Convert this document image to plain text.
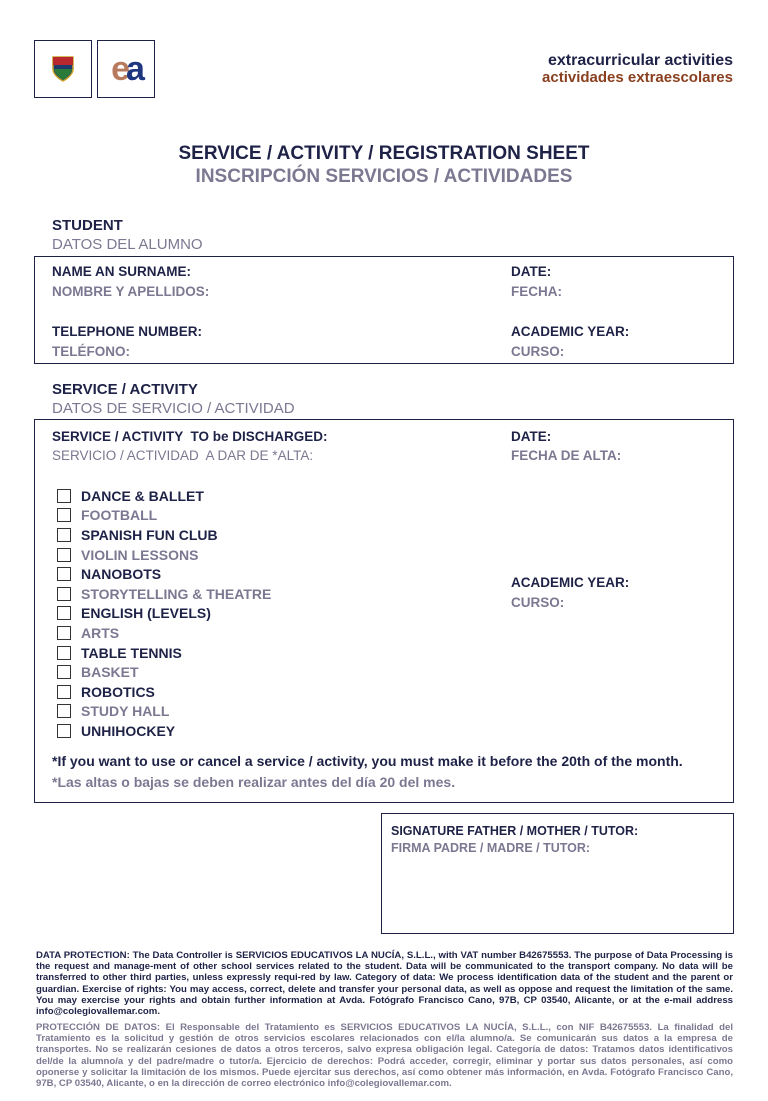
ea	extracurricular activities
actividades extraescolares
SERVICE / ACTIVITY / REGISTRATION SHEET
INSCRIPCIÓN SERVICIOS / ACTIVIDADES
STUDENT
DATOS DEL ALUMNO
NAME AN SURNAME:
NOMBRE Y APELLIDOS:
DATE:
FECHA:
TELEPHONE NUMBER:
TELÉFONO:
ACADEMIC YEAR:
CURSO:
SERVICE / ACTIVITY
DATOS DE SERVICIO / ACTIVIDAD
SERVICE / ACTIVITY  TO be DISCHARGED:
SERVICIO / ACTIVIDAD  A DAR DE *ALTA:
DATE:
FECHA DE ALTA:
ACADEMIC YEAR:
CURSO:
DANCE & BALLET
FOOTBALL
SPANISH FUN CLUB
VIOLIN LESSONS
NANOBOTS
STORYTELLING & THEATRE
ENGLISH (LEVELS)
ARTS
TABLE TENNIS
BASKET
ROBOTICS
STUDY HALL
UNHIHOCKEY
*If you want to use or cancel a service / activity, you must make it before the 20th of the month.
*Las altas o bajas se deben realizar antes del día 20 del mes.
SIGNATURE FATHER / MOTHER / TUTOR:
FIRMA PADRE / MADRE / TUTOR:
DATA PROTECTION: The Data Controller is SERVICIOS EDUCATIVOS LA NUCÍA, S.L.L., with VAT number B42675553. The purpose of Data Processing is the request and manage-ment of other school services related to the student. Data will be communicated to the transport company. No data will be transferred to other third parties, unless expressly requi-red by law. Category of data: We process identification data of the student and the parent or guardian. Exercise of rights: You may access, correct, delete and transfer your personal data, as well as oppose and request the limitation of the same. You may exercise your rights and obtain further information at Avda. Fotógrafo Francisco Cano, 97B, CP 03540, Alicante, or at the e-mail address info@colegiovallemar.com.
PROTECCIÓN DE DATOS: El Responsable del Tratamiento es SERVICIOS EDUCATIVOS LA NUCÍA, S.L.L., con NIF B42675553. La finalidad del Tratamiento es la solicitud y gestión de otros servicios escolares relacionados con el/la alumno/a. Se comunicarán sus datos a la empresa de transportes. No se realizarán cesiones de datos a otros terceros, salvo expresa obligación legal. Categoría de datos: Tratamos datos identificativos del/de la alumno/a y del padre/madre o tutor/a. Ejercicio de derechos: Podrá acceder, corregir, eliminar y portar sus datos personales, así como oponerse y solicitar la limitación de los mismos. Puede ejercitar sus derechos, así como obtener más información, en Avda. Fotógrafo Francisco Cano, 97B, CP 03540, Alicante, o en la dirección de correo electrónico info@colegiovallemar.com.
